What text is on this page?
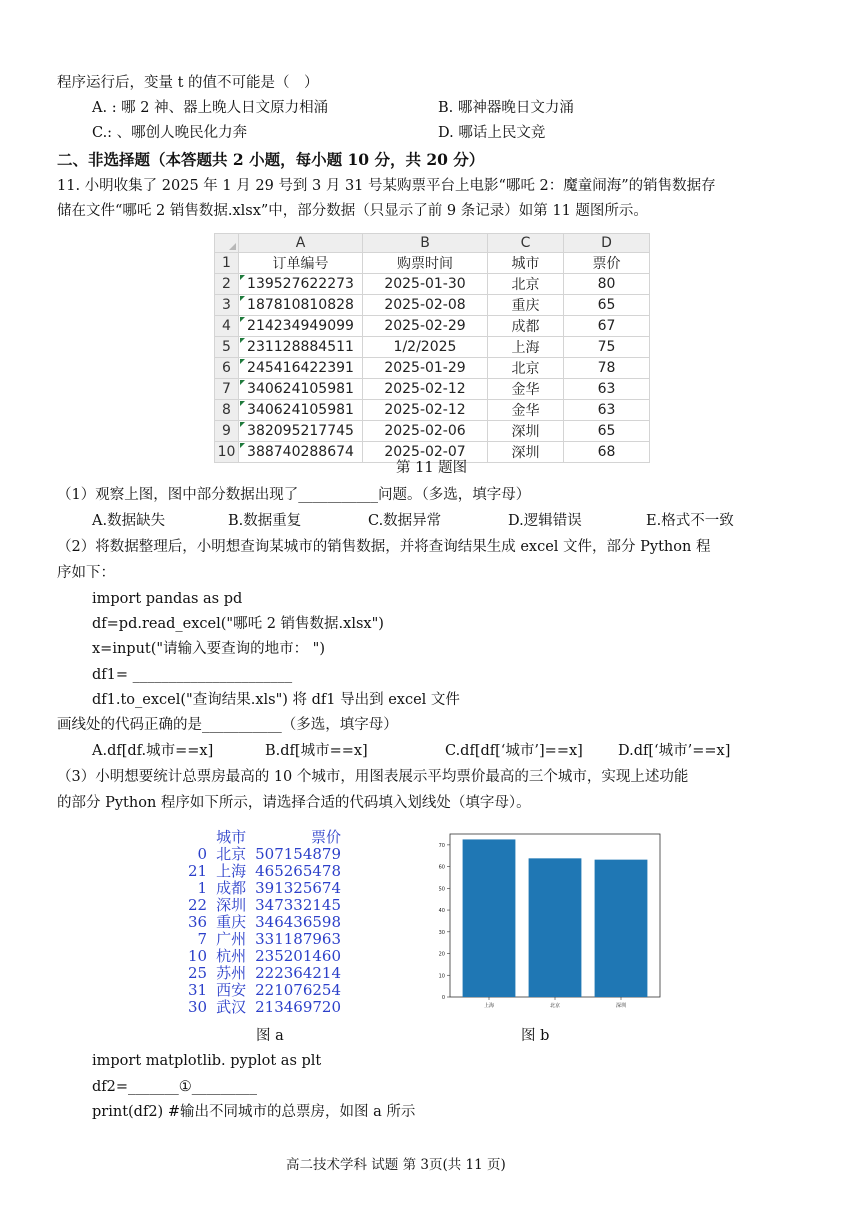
程序运行后，变量 t 的值不可能是（　）
A. : 哪 2 神、器上晚人日文原力相涌	B. 哪神器晚日文力涌
C.: 、哪创人晚民化力奔	D. 哪话上民文竞
二、非选择题（本答题共 2 小题，每小题 10 分，共 20 分）
11. 小明收集了 2025 年 1 月 29 号到 3 月 31 号某购票平台上电影“哪吒 2：魔童闹海”的销售数据存
储在文件“哪吒 2 销售数据.xlsx”中，部分数据（只显示了前 9 条记录）如第 11 题图所示。
	A	B	C	D
1	订单编号	购票时间	城市	票价
2	139527622273	2025-01-30	北京	80
3	187810810828	2025-02-08	重庆	65
4	214234949099	2025-02-29	成都	67
5	231128884511	1/2/2025	上海	75
6	245416422391	2025-01-29	北京	78
7	340624105981	2025-02-12	金华	63
8	340624105981	2025-02-12	金华	63
9	382095217745	2025-02-06	深圳	65
10	388740288674	2025-02-07	深圳	68
第 11 题图
（1）观察上图，图中部分数据出现了___________问题。（多选，填字母）
A.数据缺失	B.数据重复	C.数据异常	D.逻辑错误	E.格式不一致
（2）将数据整理后，小明想查询某城市的销售数据，并将查询结果生成 excel 文件，部分 Python 程
序如下：
import pandas as pd
df=pd.read_excel("哪吒 2 销售数据.xlsx")
x=input("请输入要查询的地市： ")
df1= ______________________
df1.to_excel("查询结果.xls") 将 df1 导出到 excel 文件
画线处的代码正确的是___________（多选，填字母）
A.df[df.城市==x]	B.df[城市==x]	C.df[df[‘城市’]==x] D.df[‘城市’==x]
（3）小明想要统计总票房最高的 10 个城市，用图表展示平均票价最高的三个城市，实现上述功能
的部分 Python 程序如下所示，请选择合适的代码填入划线处（填字母）。
	城市	票价
0	北京	507154879
21	上海	465265478
1	成都	391325674
22	深圳	347332145
36	重庆	346436598
7	广州	331187963
10	杭州	235201460
25	苏州	222364214
31	西安	221076254
30	武汉	213469720
图 a
0
10
20
30
40
50
60
70
上海	北京	深圳
图 b
import matplotlib. pyplot as plt
df2=_______①_________
print(df2) #输出不同城市的总票房，如图 a 所示
高二技术学科 试题 第 3页(共 11 页)
